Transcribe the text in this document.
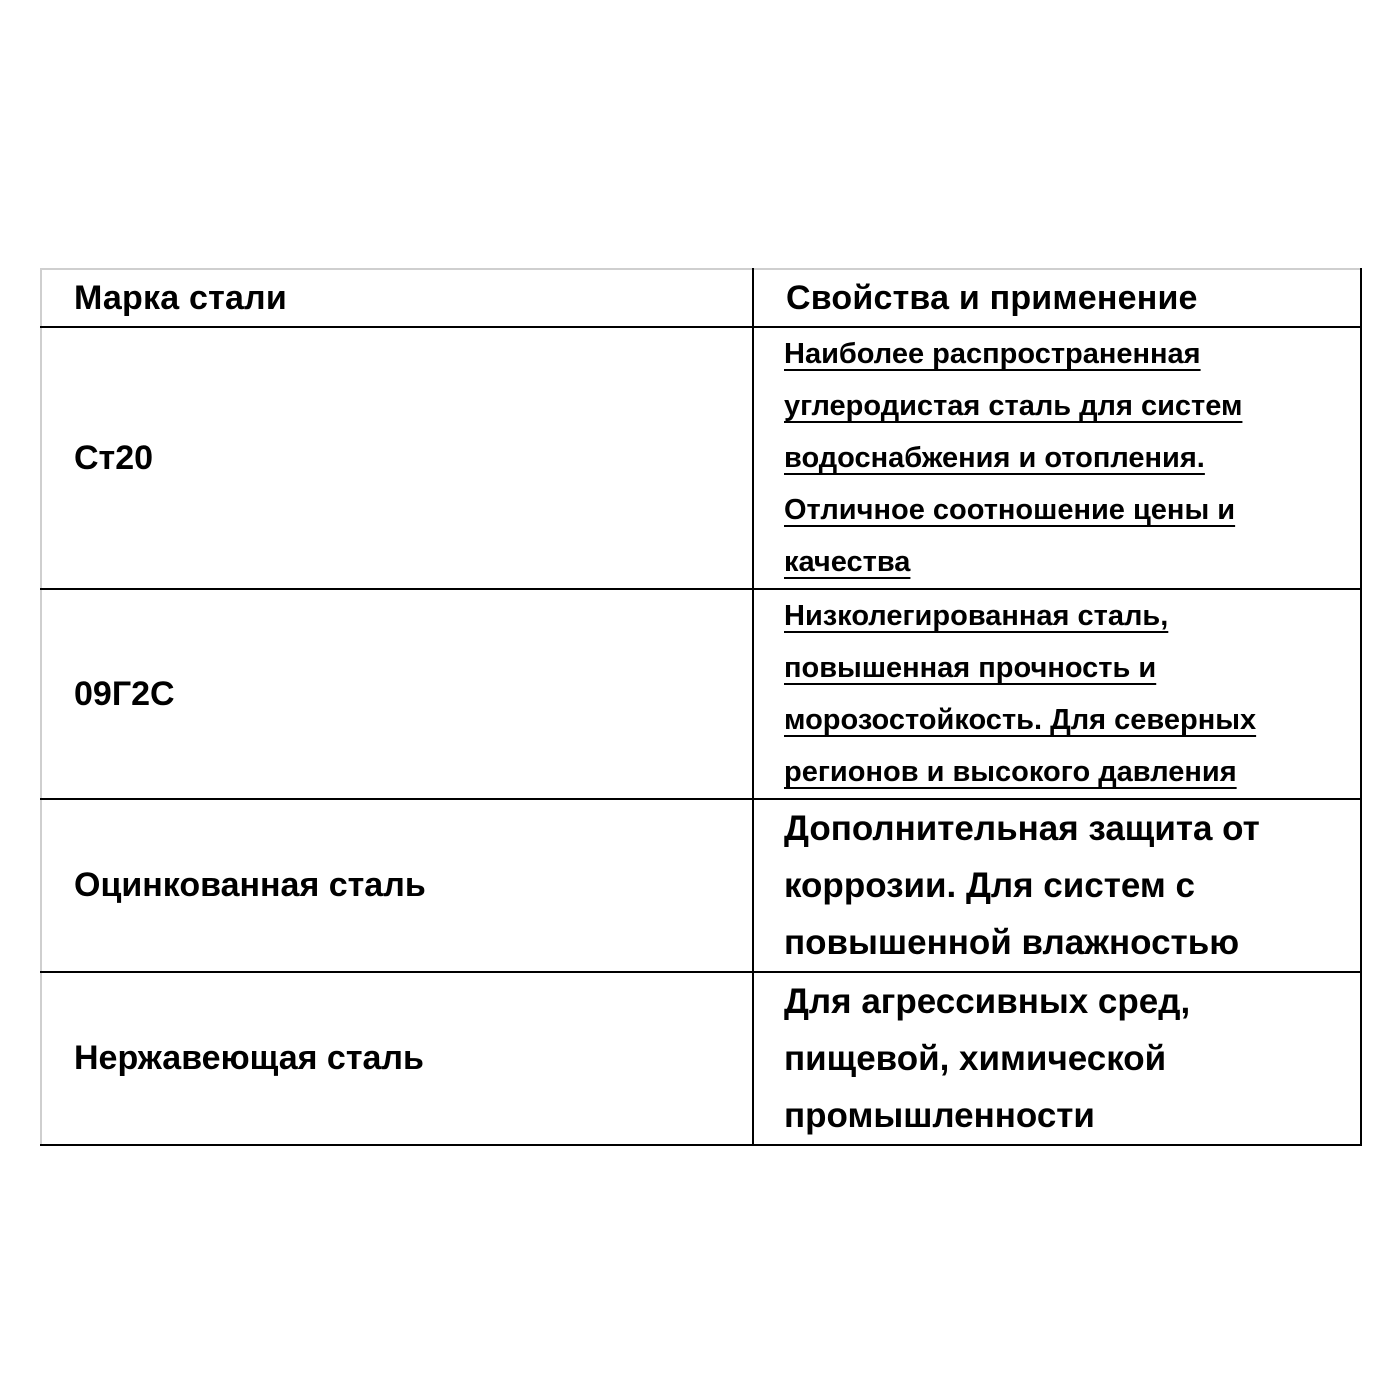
Марка стали	Свойства и применение
Ст20	Наиболее распространенная
углеродистая сталь для систем
водоснабжения и отопления.
Отличное соотношение цены и
качества

09Г2С	Низколегированная сталь,
повышенная прочность и
морозостойкость. Для северных
регионов и высокого давления

Оцинкованная сталь	Дополнительная защита от
коррозии. Для систем с
повышенной влажностью

Нержавеющая сталь	Для агрессивных сред,
пищевой, химической
промышленности
